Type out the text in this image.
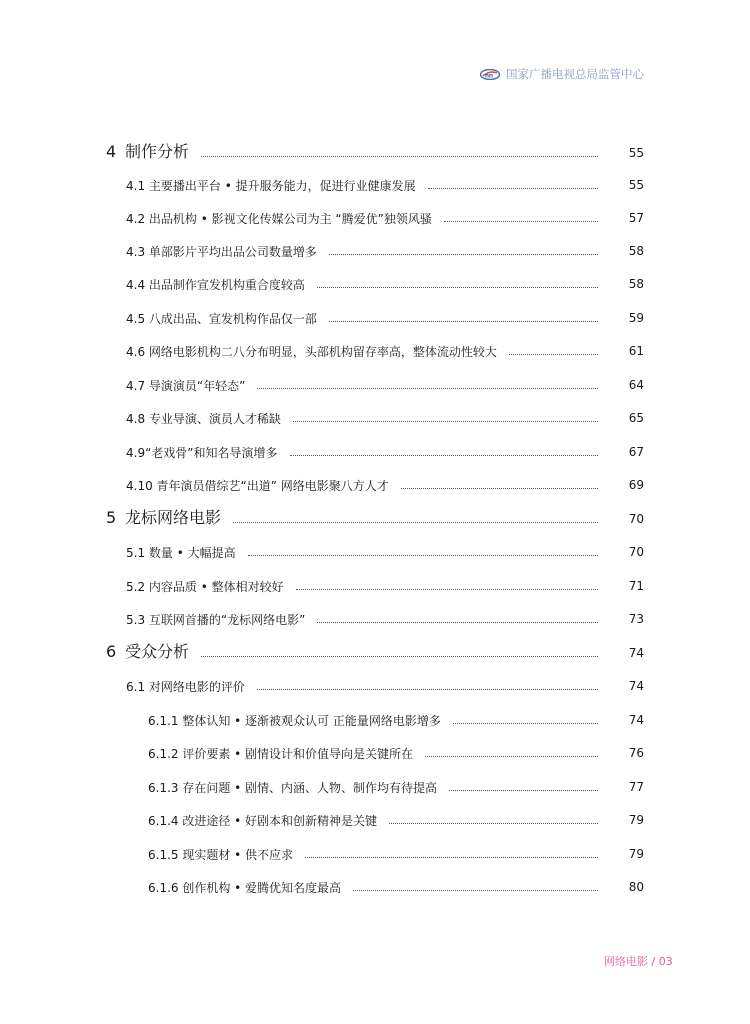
nn 国家广播电视总局监管中心
4 制作分析	55
4.1 主要播出平台 • 提升服务能力，促进行业健康发展	55
4.2 出品机构 • 影视文化传媒公司为主 “腾爱优”独领风骚	57
4.3 单部影片平均出品公司数量增多	58
4.4 出品制作宣发机构重合度较高	58
4.5 八成出品、宣发机构作品仅一部	59
4.6 网络电影机构二八分布明显，头部机构留存率高，整体流动性较大	61
4.7 导演演员“年轻态”	64
4.8 专业导演、演员人才稀缺	65
4.9“老戏骨”和知名导演增多	67
4.10 青年演员借综艺“出道” 网络电影聚八方人才	69
5 龙标网络电影	70
5.1 数量 • 大幅提高	70
5.2 内容品质 • 整体相对较好	71
5.3 互联网首播的“龙标网络电影”	73
6 受众分析	74
6.1 对网络电影的评价	74
6.1.1 整体认知 • 逐渐被观众认可 正能量网络电影增多	74
6.1.2 评价要素 • 剧情设计和价值导向是关键所在	76
6.1.3 存在问题 • 剧情、内涵、人物、制作均有待提高	77
6.1.4 改进途径 • 好剧本和创新精神是关键	79
6.1.5 现实题材 • 供不应求	79
6.1.6 创作机构 • 爱腾优知名度最高	80
网络电影 / 03
